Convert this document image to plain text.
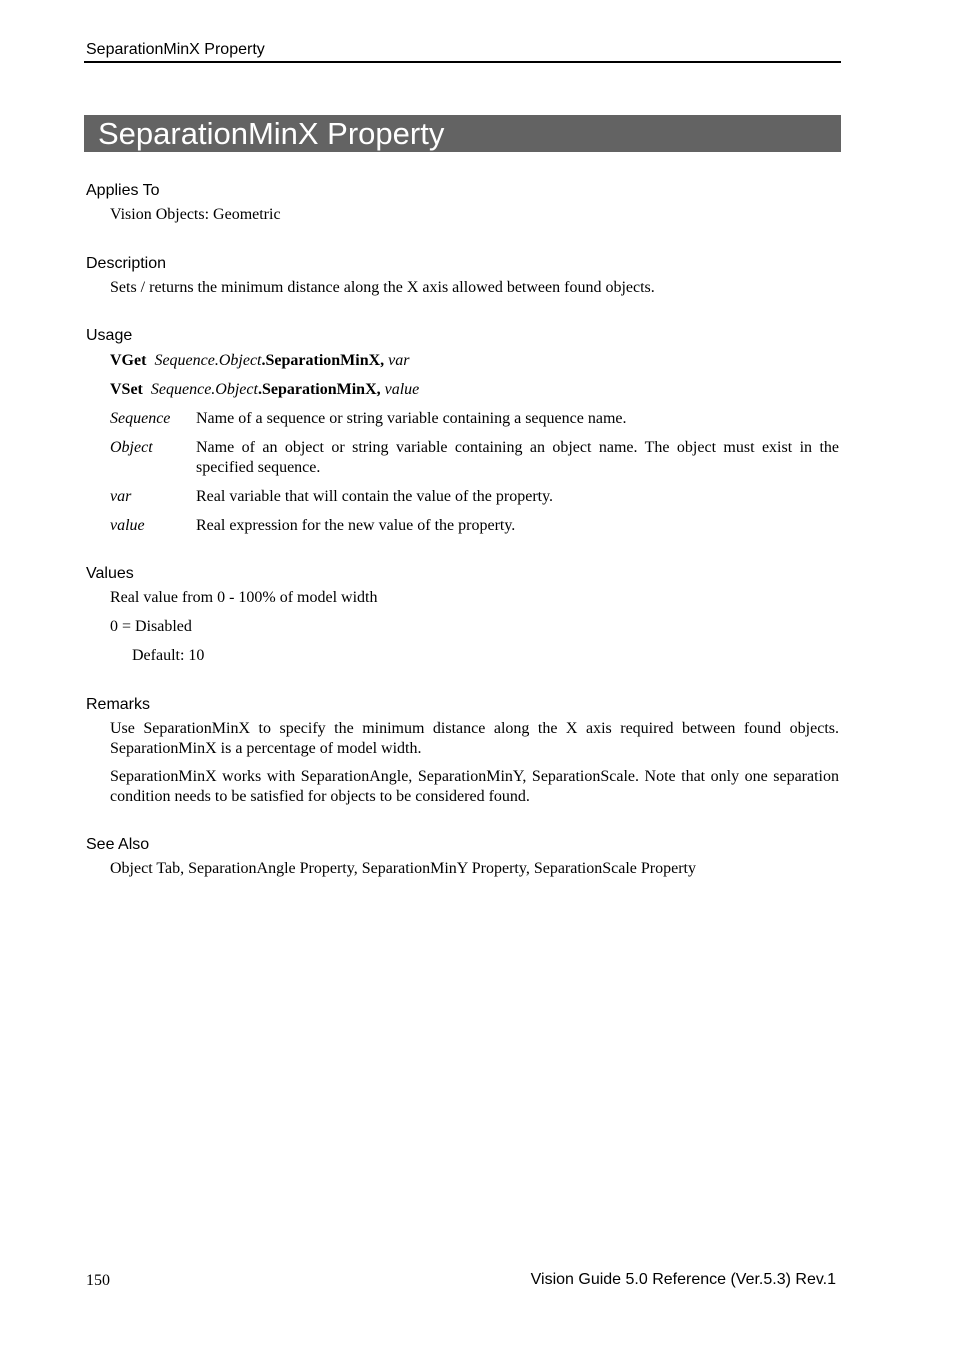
SeparationMinX Property
SeparationMinX Property
Applies To
Vision Objects: Geometric
Description
Sets / returns the minimum distance along the X axis allowed between found objects.
Usage
VGet Sequence.Object.SeparationMinX, var
VSet Sequence.Object.SeparationMinX, value
Sequence Name of a sequence or string variable containing a sequence name.
Object	Name of an object or string variable containing an object name. The object must exist in the specified sequence.
var	Real variable that will contain the value of the property.
value	Real expression for the new value of the property.
Values
Real value from 0 - 100% of model width
0 = Disabled
Default: 10
Remarks
Use SeparationMinX to specify the minimum distance along the X axis required between found objects. SeparationMinX is a percentage of model width.
SeparationMinX works with SeparationAngle, SeparationMinY, SeparationScale. Note that only one separation condition needs to be satisfied for objects to be considered found.
See Also
Object Tab, SeparationAngle Property, SeparationMinY Property, SeparationScale Property
150	Vision Guide 5.0 Reference (Ver.5.3) Rev.1
